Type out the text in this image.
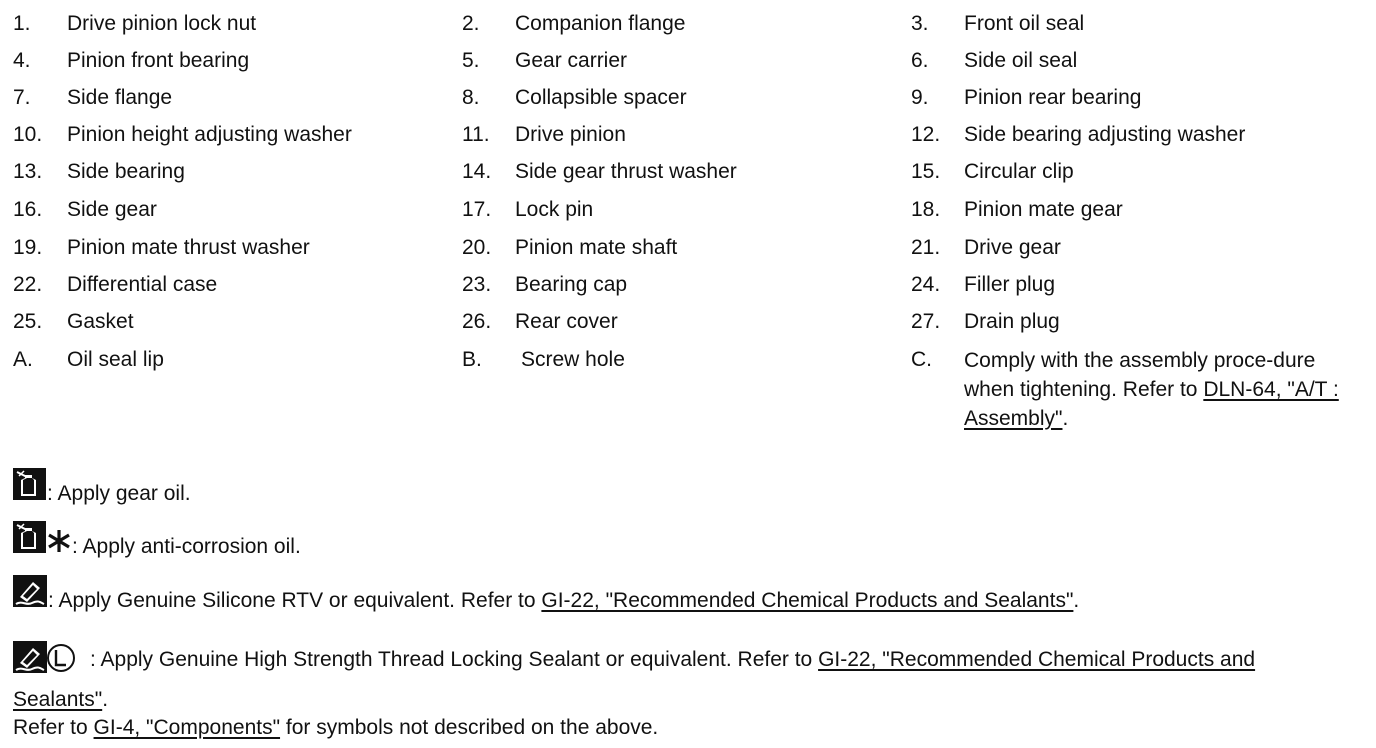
1. Drive pinion lock nut	2. Companion flange	3. Front oil seal
4. Pinion front bearing	5. Gear carrier	6. Side oil seal
7. Side flange	8. Collapsible spacer	9. Pinion rear bearing
10. Pinion height adjusting washer	11. Drive pinion	12. Side bearing adjusting washer
13. Side bearing	14. Side gear thrust washer	15. Circular clip
16. Side gear	17. Lock pin	18. Pinion mate gear
19. Pinion mate thrust washer	20. Pinion mate shaft	21. Drive gear
22. Differential case	23. Bearing cap	24. Filler plug
25. Gasket	26. Rear cover	27. Drain plug
A. Oil seal lip	B. Screw hole	C. Comply with the assembly proce-dure when tightening. Refer to DLN-64, "A/T : Assembly".
: Apply gear oil.
: Apply anti-corrosion oil.
: Apply Genuine Silicone RTV or equivalent. Refer to GI-22, "Recommended Chemical Products and Sealants".
: Apply Genuine High Strength Thread Locking Sealant or equivalent. Refer to GI-22, "Recommended Chemical Products and Sealants".
Refer to GI-4, "Components" for symbols not described on the above.
